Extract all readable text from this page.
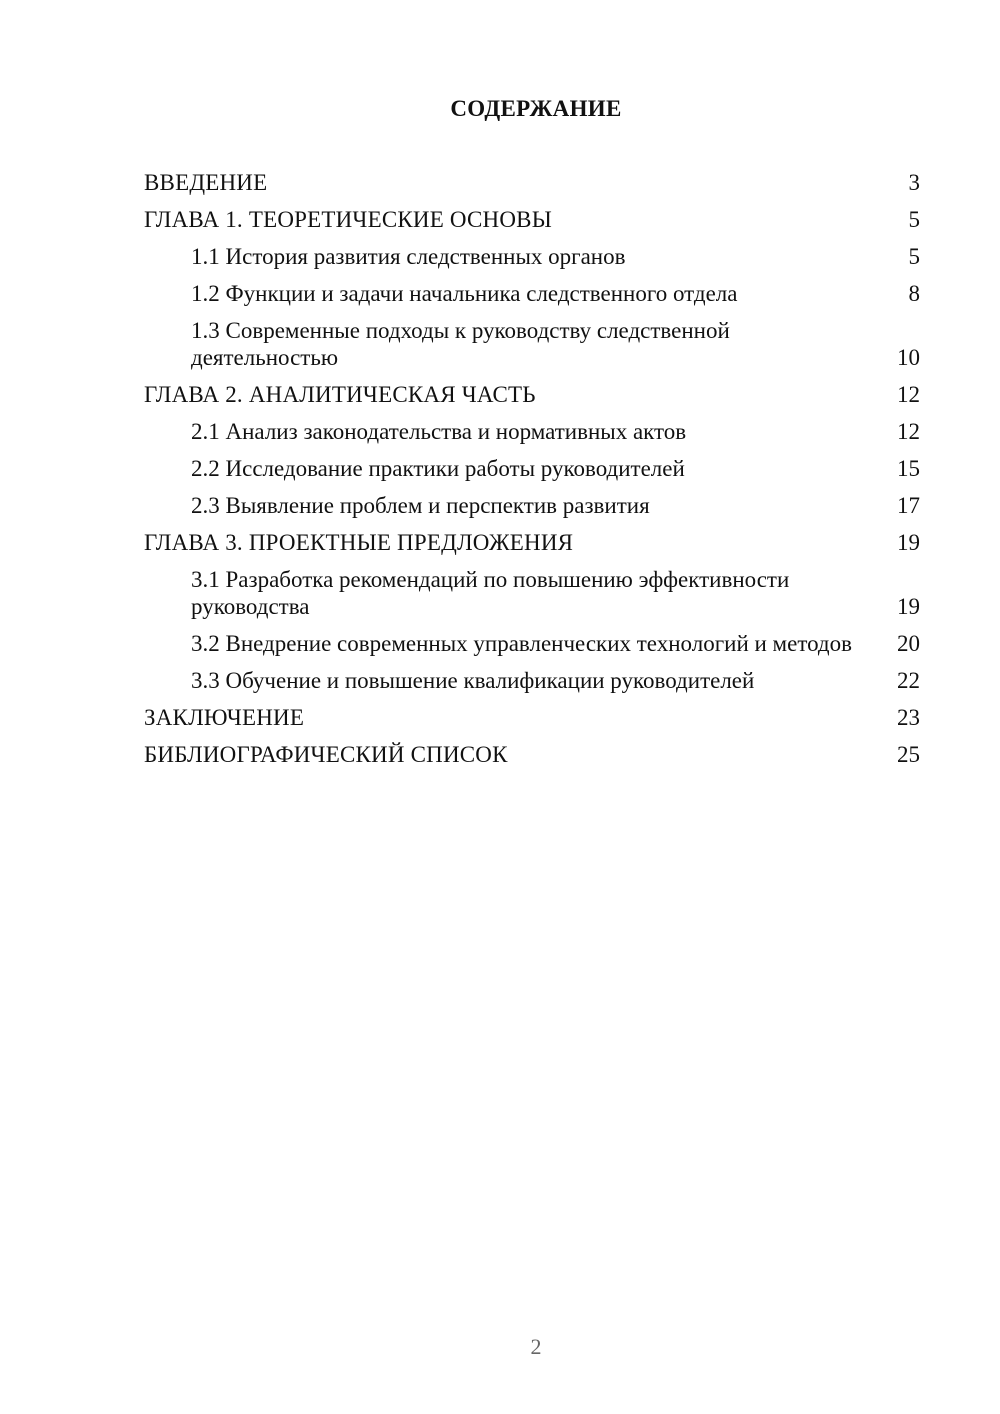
СОДЕРЖАНИЕ
ВВЕДЕНИЕ	3
ГЛАВА 1. ТЕОРЕТИЧЕСКИЕ ОСНОВЫ	5
1.1 История развития следственных органов	5
1.2 Функции и задачи начальника следственного отдела	8
1.3 Современные подходы к руководству следственной деятельностью	10
ГЛАВА 2. АНАЛИТИЧЕСКАЯ ЧАСТЬ	12
2.1 Анализ законодательства и нормативных актов	12
2.2 Исследование практики работы руководителей	15
2.3 Выявление проблем и перспектив развития	17
ГЛАВА 3. ПРОЕКТНЫЕ ПРЕДЛОЖЕНИЯ	19
3.1 Разработка рекомендаций по повышению эффективности руководства	19
3.2 Внедрение современных управленческих технологий и методов	20
3.3 Обучение и повышение квалификации руководителей	22
ЗАКЛЮЧЕНИЕ	23
БИБЛИОГРАФИЧЕСКИЙ СПИСОК	25
2
